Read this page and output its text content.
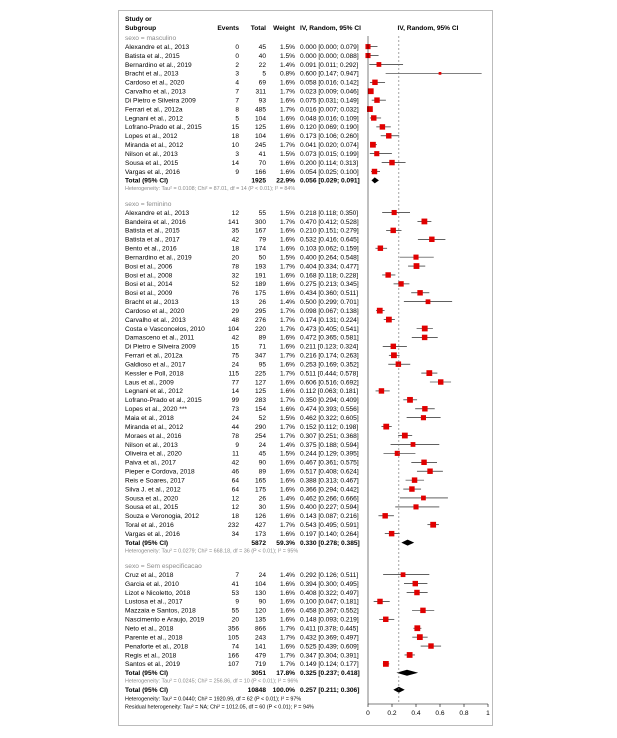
Study or
Subgroup	Events Total Weight IV, Random, 95% CI	IV, Random, 95% CI
sexo = masculino
Alexandre et al., 2013	0	45 1.5% 0.000 [0.000; 0.079]
Batista et al., 2015	0	40 1.5% 0.000 [0.000; 0.088]
Bernardino et al., 2019	2	22 1.4% 0.091 [0.011; 0.292]
Bracht et al., 2013	3	5 0.8% 0.600 [0.147; 0.947]
Cardoso et al., 2020	4	69 1.6% 0.058 [0.016; 0.142]
Carvalho et al., 2013	7 311 1.7% 0.023 [0.009; 0.046]
Di Pietro e Silveira 2009	7	93 1.6% 0.075 [0.031; 0.149]
Ferrari et al., 2012a	8 485 1.7% 0.016 [0.007; 0.032]
Legnani et al., 2012	5 104 1.6% 0.048 [0.016; 0.109]
Lofrano-Prado et al., 2015	15 125 1.6% 0.120 [0.069; 0.190]
Lopes et al., 2012	18 104 1.6% 0.173 [0.106; 0.260]
Miranda et al., 2012	10 245 1.7% 0.041 [0.020; 0.074]
Nilson et al., 2013	3	41 1.5% 0.073 [0.015; 0.199]
Sousa et al., 2015	14	70 1.6% 0.200 [0.114; 0.313]
Vargas et al., 2016	9 166 1.6% 0.054 [0.025; 0.100]
Total (95% CI)	1925 22.9% 0.056 [0.029; 0.091]
Heterogeneity: Tau² = 0.0108; Chi² = 87.01, df = 14 (P < 0.01); I² = 84%
sexo = feminino
Alexandre et al., 2013	12	55 1.5% 0.218 [0.118; 0.350]
Bandeira et al., 2016	141 300 1.7% 0.470 [0.412; 0.528]
Batista et al., 2015	35 167 1.6% 0.210 [0.151; 0.279]
Batista et al., 2017	42	79 1.6% 0.532 [0.416; 0.645]
Bento et al., 2016	18 174 1.6% 0.103 [0.062; 0.159]
Bernardino et al., 2019	20	50 1.5% 0.400 [0.264; 0.548]
Bosi et al., 2006	78 193 1.7% 0.404 [0.334; 0.477]
Bosi et al., 2008	32 191 1.6% 0.168 [0.118; 0.228]
Bosi et al., 2014	52 189 1.6% 0.275 [0.213; 0.345]
Bosi et al., 2009	76 175 1.6% 0.434 [0.360; 0.511]
Bracht et al., 2013	13	26 1.4% 0.500 [0.299; 0.701]
Cardoso et al., 2020	29 295 1.7% 0.098 [0.067; 0.138]
Carvalho et al., 2013	48 276 1.7% 0.174 [0.131; 0.224]
Costa e Vasconcelos, 2010	104 220 1.7% 0.473 [0.405; 0.541]
Damasceno et al., 2011	42	89 1.6% 0.472 [0.365; 0.581]
Di Pietro e Silveira 2009	15	71 1.6% 0.211 [0.123; 0.324]
Ferrari et al., 2012a	75 347 1.7% 0.216 [0.174; 0.263]
Galdioso et al., 2017	24	95 1.6% 0.253 [0.169; 0.352]
Kessler e Poll, 2018	115 225 1.7% 0.511 [0.444; 0.578]
Laus et al., 2009	77 127 1.6% 0.606 [0.516; 0.692]
Legnani et al., 2012	14 125 1.6% 0.112 [0.063; 0.181]
Lofrano-Prado et al., 2015	99 283 1.7% 0.350 [0.294; 0.409]
Lopes et al., 2020 ***	73 154 1.6% 0.474 [0.393; 0.556]
Maia et al., 2018	24	52 1.5% 0.462 [0.322; 0.605]
Miranda et al., 2012	44 290 1.7% 0.152 [0.112; 0.198]
Moraes et al., 2016	78 254 1.7% 0.307 [0.251; 0.368]
Nilson et al., 2013	9	24 1.4% 0.375 [0.188; 0.594]
Oliveira et al., 2020	11	45 1.5% 0.244 [0.129; 0.395]
Paiva et al., 2017	42	90 1.6% 0.467 [0.361; 0.575]
Pieper e Cordova, 2018	46	89 1.6% 0.517 [0.408; 0.624]
Reis e Soares, 2017	64 165 1.6% 0.388 [0.313; 0.467]
Silva J. et al., 2012	64 175 1.6% 0.366 [0.294; 0.442]
Sousa et al., 2020	12	26 1.4% 0.462 [0.266; 0.666]
Sousa et al., 2015	12	30 1.5% 0.400 [0.227; 0.594]
Souza e Veronogia, 2012	18 126 1.6% 0.143 [0.087; 0.216]
Toral et al., 2016	232 427 1.7% 0.543 [0.495; 0.591]
Vargas et al., 2016	34 173 1.6% 0.197 [0.140; 0.264]
Total (95% CI)	5872 59.3% 0.330 [0.278; 0.385]
Heterogeneity: Tau² = 0.0279; Chi² = 668.18, df = 36 (P < 0.01); I² = 95%
sexo = Sem especificacao
Cruz et al., 2018	7	24 1.4% 0.292 [0.126; 0.511]
Garcia et al., 2010	41 104 1.6% 0.394 [0.300; 0.495]
Lizot e Nicoletto, 2018	53 130 1.6% 0.408 [0.322; 0.497]
Lustosa et al., 2017	9	90 1.6% 0.100 [0.047; 0.181]
Mazzaia e Santos, 2018	55 120 1.6% 0.458 [0.367; 0.552]
Nascimento e Araujo, 2019	20 135 1.6% 0.148 [0.093; 0.219]
Neto et al., 2018	356 866 1.7% 0.411 [0.378; 0.445]
Parente et al., 2018	105 243 1.7% 0.432 [0.369; 0.497]
Penaforte et al., 2018	74 141 1.6% 0.525 [0.439; 0.609]
Regis et al., 2018	166 479 1.7% 0.347 [0.304; 0.391]
Santos et al., 2019	107 719 1.7% 0.149 [0.124; 0.177]
Total (95% CI)	3051 17.8% 0.325 [0.237; 0.418]
Heterogeneity: Tau² = 0.0245; Chi² = 256.86, df = 10 (P < 0.01); I² = 96%
Total (95% CI)	10848 100.0% 0.257 [0.211; 0.306]
Heterogeneity: Tau² = 0.0440; Chi² = 1920.99, df = 62 (P < 0.01); I² = 97%
Residual heterogeneity: Tau² = NA; Chi² = 1012.05, df = 60 (P < 0.01); I² = 94%
0	0.2 0.4 0.6 0.8	1
